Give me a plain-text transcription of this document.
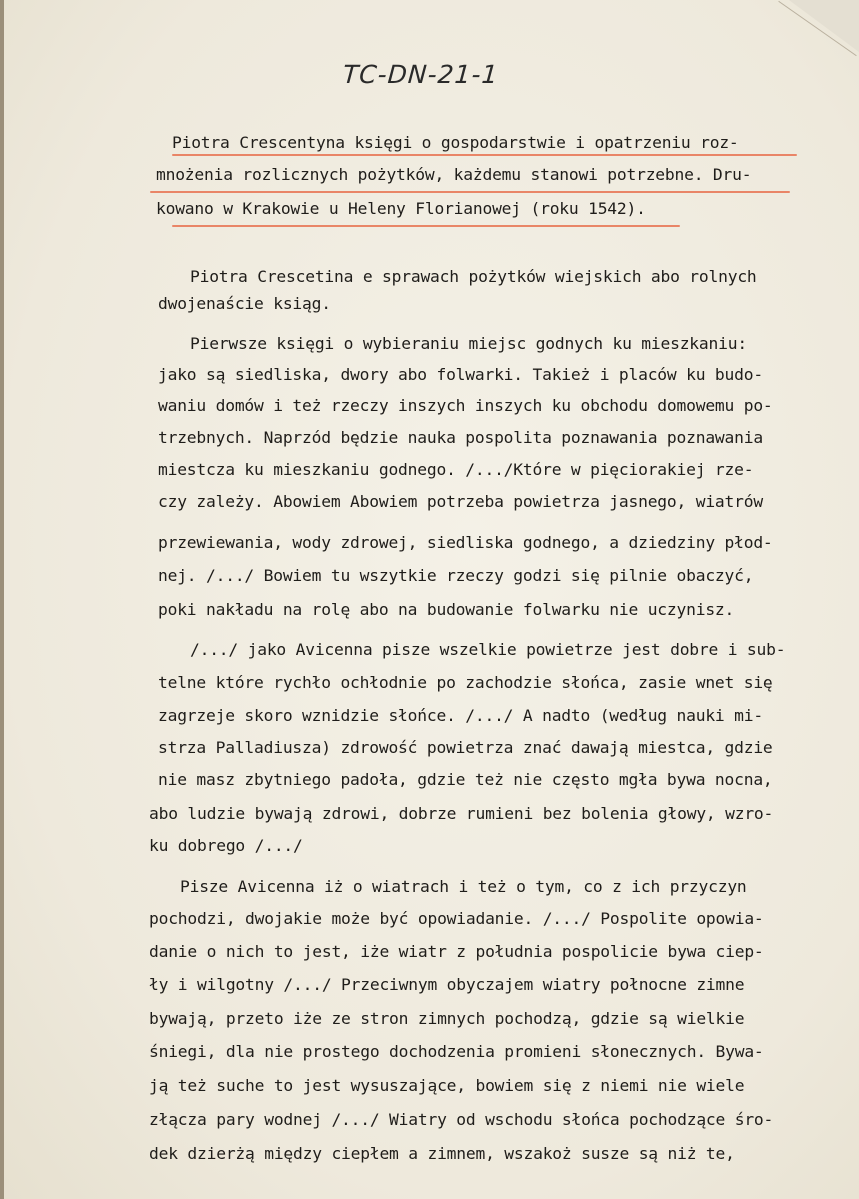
TC-DN-21-1
Piotra Crescentyna księgi o gospodarstwie i opatrzeniu roz-
mnożenia rozlicznych pożytków, każdemu stanowi potrzebne. Dru-
kowano w Krakowie u Heleny Florianowej (roku 1542).
Piotra Crescetina e sprawach pożytków wiejskich abo rolnych
dwojenaście ksiąg.
Pierwsze księgi o wybieraniu miejsc godnych ku mieszkaniu:
jako są siedliska, dwory abo folwarki. Takież i placów ku budo-
waniu domów i też rzeczy inszych inszych ku obchodu domowemu po-
trzebnych. Naprzód będzie nauka pospolita poznawania poznawania
miestcza ku mieszkaniu godnego. /.../Które w pięciorakiej rze-
czy zależy. Abowiem Abowiem potrzeba powietrza jasnego, wiatrów
przewiewania, wody zdrowej, siedliska godnego, a dziedziny płod-
nej. /.../ Bowiem tu wszytkie rzeczy godzi się pilnie obaczyć,
poki nakładu na rolę abo na budowanie folwarku nie uczynisz.
/.../ jako Avicenna pisze wszelkie powietrze jest dobre i sub-
telne które rychło ochłodnie po zachodzie słońca, zasie wnet się
zagrzeje skoro wznidzie słońce. /.../ A nadto (według nauki mi-
strza Palladiusza) zdrowość powietrza znać dawają miestca, gdzie
nie masz zbytniego padoła, gdzie też nie często mgła bywa nocna,
abo ludzie bywają zdrowi, dobrze rumieni bez bolenia głowy, wzro-
ku dobrego /.../
Pisze Avicenna iż o wiatrach i też o tym, co z ich przyczyn
pochodzi, dwojakie może być opowiadanie. /.../ Pospolite opowia-
danie o nich to jest, iże wiatr z południa pospolicie bywa ciep-
ły i wilgotny /.../ Przeciwnym obyczajem wiatry połnocne zimne
bywają, przeto iże ze stron zimnych pochodzą, gdzie są wielkie
śniegi, dla nie prostego dochodzenia promieni słonecznych. Bywa-
ją też suche to jest wysuszające, bowiem się z niemi nie wiele
złącza pary wodnej /.../ Wiatry od wschodu słońca pochodzące śro-
dek dzierżą między ciepłem a zimnem, wszakoż susze są niż te,
